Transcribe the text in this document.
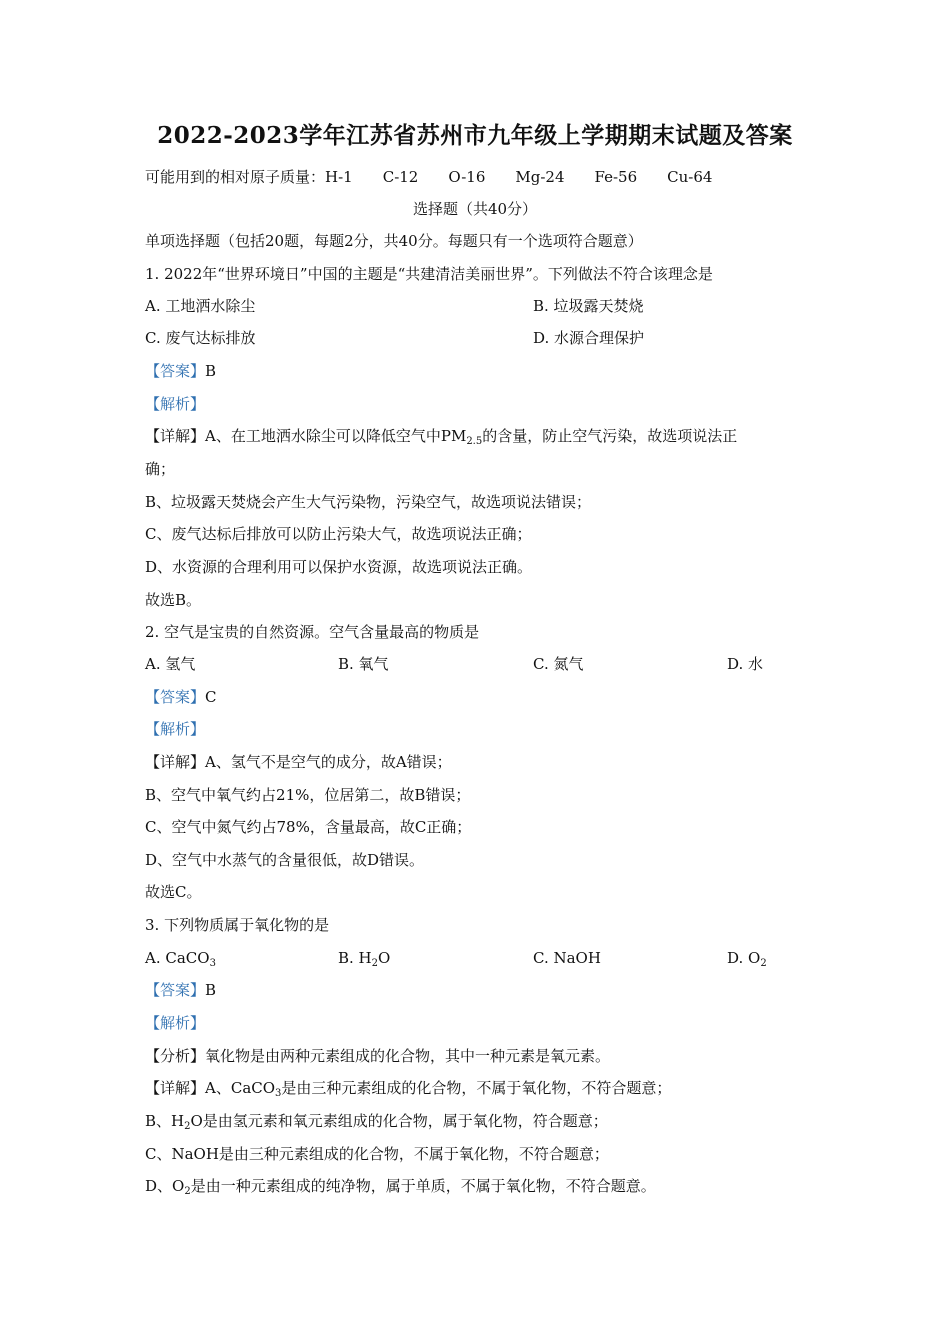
2022-2023学年江苏省苏州市九年级上学期期末试题及答案
可能用到的相对原子质量：H-1 C-12 O-16 Mg-24 Fe-56 Cu-64
选择题（共40分）
单项选择题（包括20题，每题2分，共40分。每题只有一个选项符合题意）
1. 2022年“世界环境日”中国的主题是“共建清洁美丽世界”。下列做法不符合该理念是
A. 工地洒水除尘	B. 垃圾露天焚烧
C. 废气达标排放	D. 水源合理保护
【答案】B
【解析】
【详解】A、在工地洒水除尘可以降低空气中$PM_{2.5}$的含量，防止空气污染，故选项说法正
确；
B、垃圾露天焚烧会产生大气污染物，污染空气，故选项说法错误；
C、废气达标后排放可以防止污染大气，故选项说法正确；
D、水资源的合理利用可以保护水资源，故选项说法正确。
故选B。
2. 空气是宝贵的自然资源。空气含量最高的物质是
A. 氢气	B. 氧气	C. 氮气	D. 水
【答案】C
【解析】
【详解】A、氢气不是空气的成分，故A错误；
B、空气中氧气约占21%，位居第二，故B错误；
C、空气中氮气约占78%，含量最高，故C正确；
D、空气中水蒸气的含量很低，故D错误。
故选C。
3. 下列物质属于氧化物的是
A. CaCO$_3$	B. $H_2O$	C. NaOH	D. $O_2$
【答案】B
【解析】
【分析】氧化物是由两种元素组成的化合物，其中一种元素是氧元素。
【详解】A、CaCO$_3$是由三种元素组成的化合物，不属于氧化物，不符合题意；
B、$H_2O$是由氢元素和氧元素组成的化合物，属于氧化物，符合题意；
C、NaOH是由三种元素组成的化合物，不属于氧化物，不符合题意；
D、$O_2$是由一种元素组成的纯净物，属于单质，不属于氧化物，不符合题意。
